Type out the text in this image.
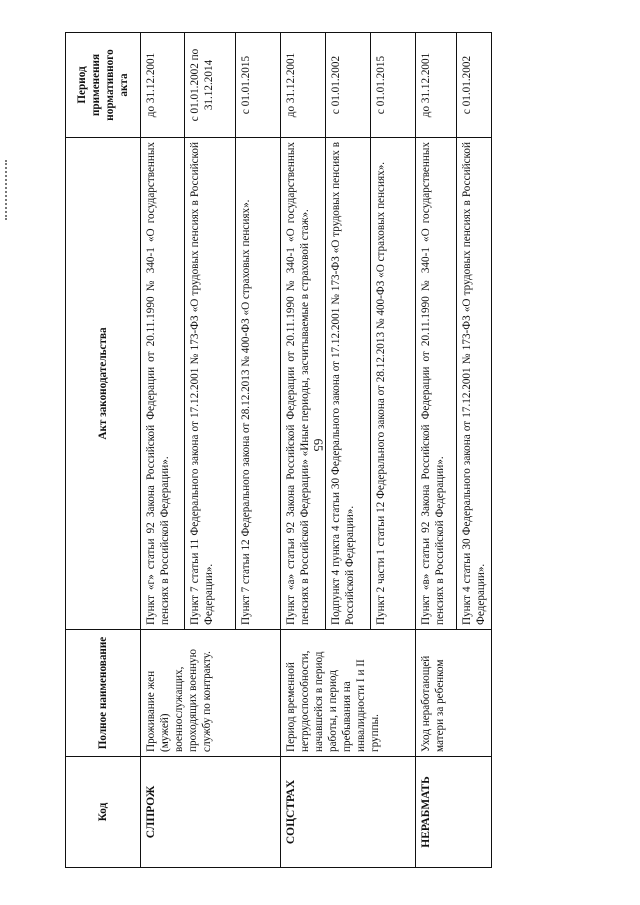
65
Код	Полное наименование	Акт законодательства	Период применения нормативного акта
СЛПРОЖ	Проживание жен (мужей) военнослужащих, проходящих военную службу по контракту.	Пункт «г» статьи 92 Закона Российской Федерации от 20.11.1990 № 340-1 «О государственных пенсиях в Российской Федерации».	до 31.12.2001
		Пункт 7 статьи 11 Федерального закона от 17.12.2001 № 173-ФЗ «О трудовых пенсиях в Российской Федерации».	с 01.01.2002 по 31.12.2014
		Пункт 7 статьи 12 Федерального закона от 28.12.2013 № 400-ФЗ «О страховых пенсиях».	с 01.01.2015
СОЦСТРАХ	Период временной нетрудоспособности, начавшейся в период работы, и период пребывания на инвалидности I и II группы.	Пункт «а» статьи 92 Закона Российской Федерации от 20.11.1990 № 340-1 «О государственных пенсиях в Российской Федерации» «Иные периоды, засчитываемые в страховой стаж».	до 31.12.2001
		Подпункт 4 пункта 4 статьи 30 Федерального закона от 17.12.2001 № 173-ФЗ «О трудовых пенсиях в Российской Федерации».	с 01.01.2002
		Пункт 2 части 1 статьи 12 Федерального закона от 28.12.2013 № 400-ФЗ «О страховых пенсиях».	с 01.01.2015
НЕРАБМАТЬ	Уход неработающей матери за ребенком	Пункт «в» статьи 92 Закона Российской Федерации от 20.11.1990 № 340-1 «О государственных пенсиях в Российской Федерации».	до 31.12.2001
		Пункт 4 статьи 30 Федерального закона от 17.12.2001 № 173-ФЗ «О трудовых пенсиях в Российской Федерации».	с 01.01.2002
